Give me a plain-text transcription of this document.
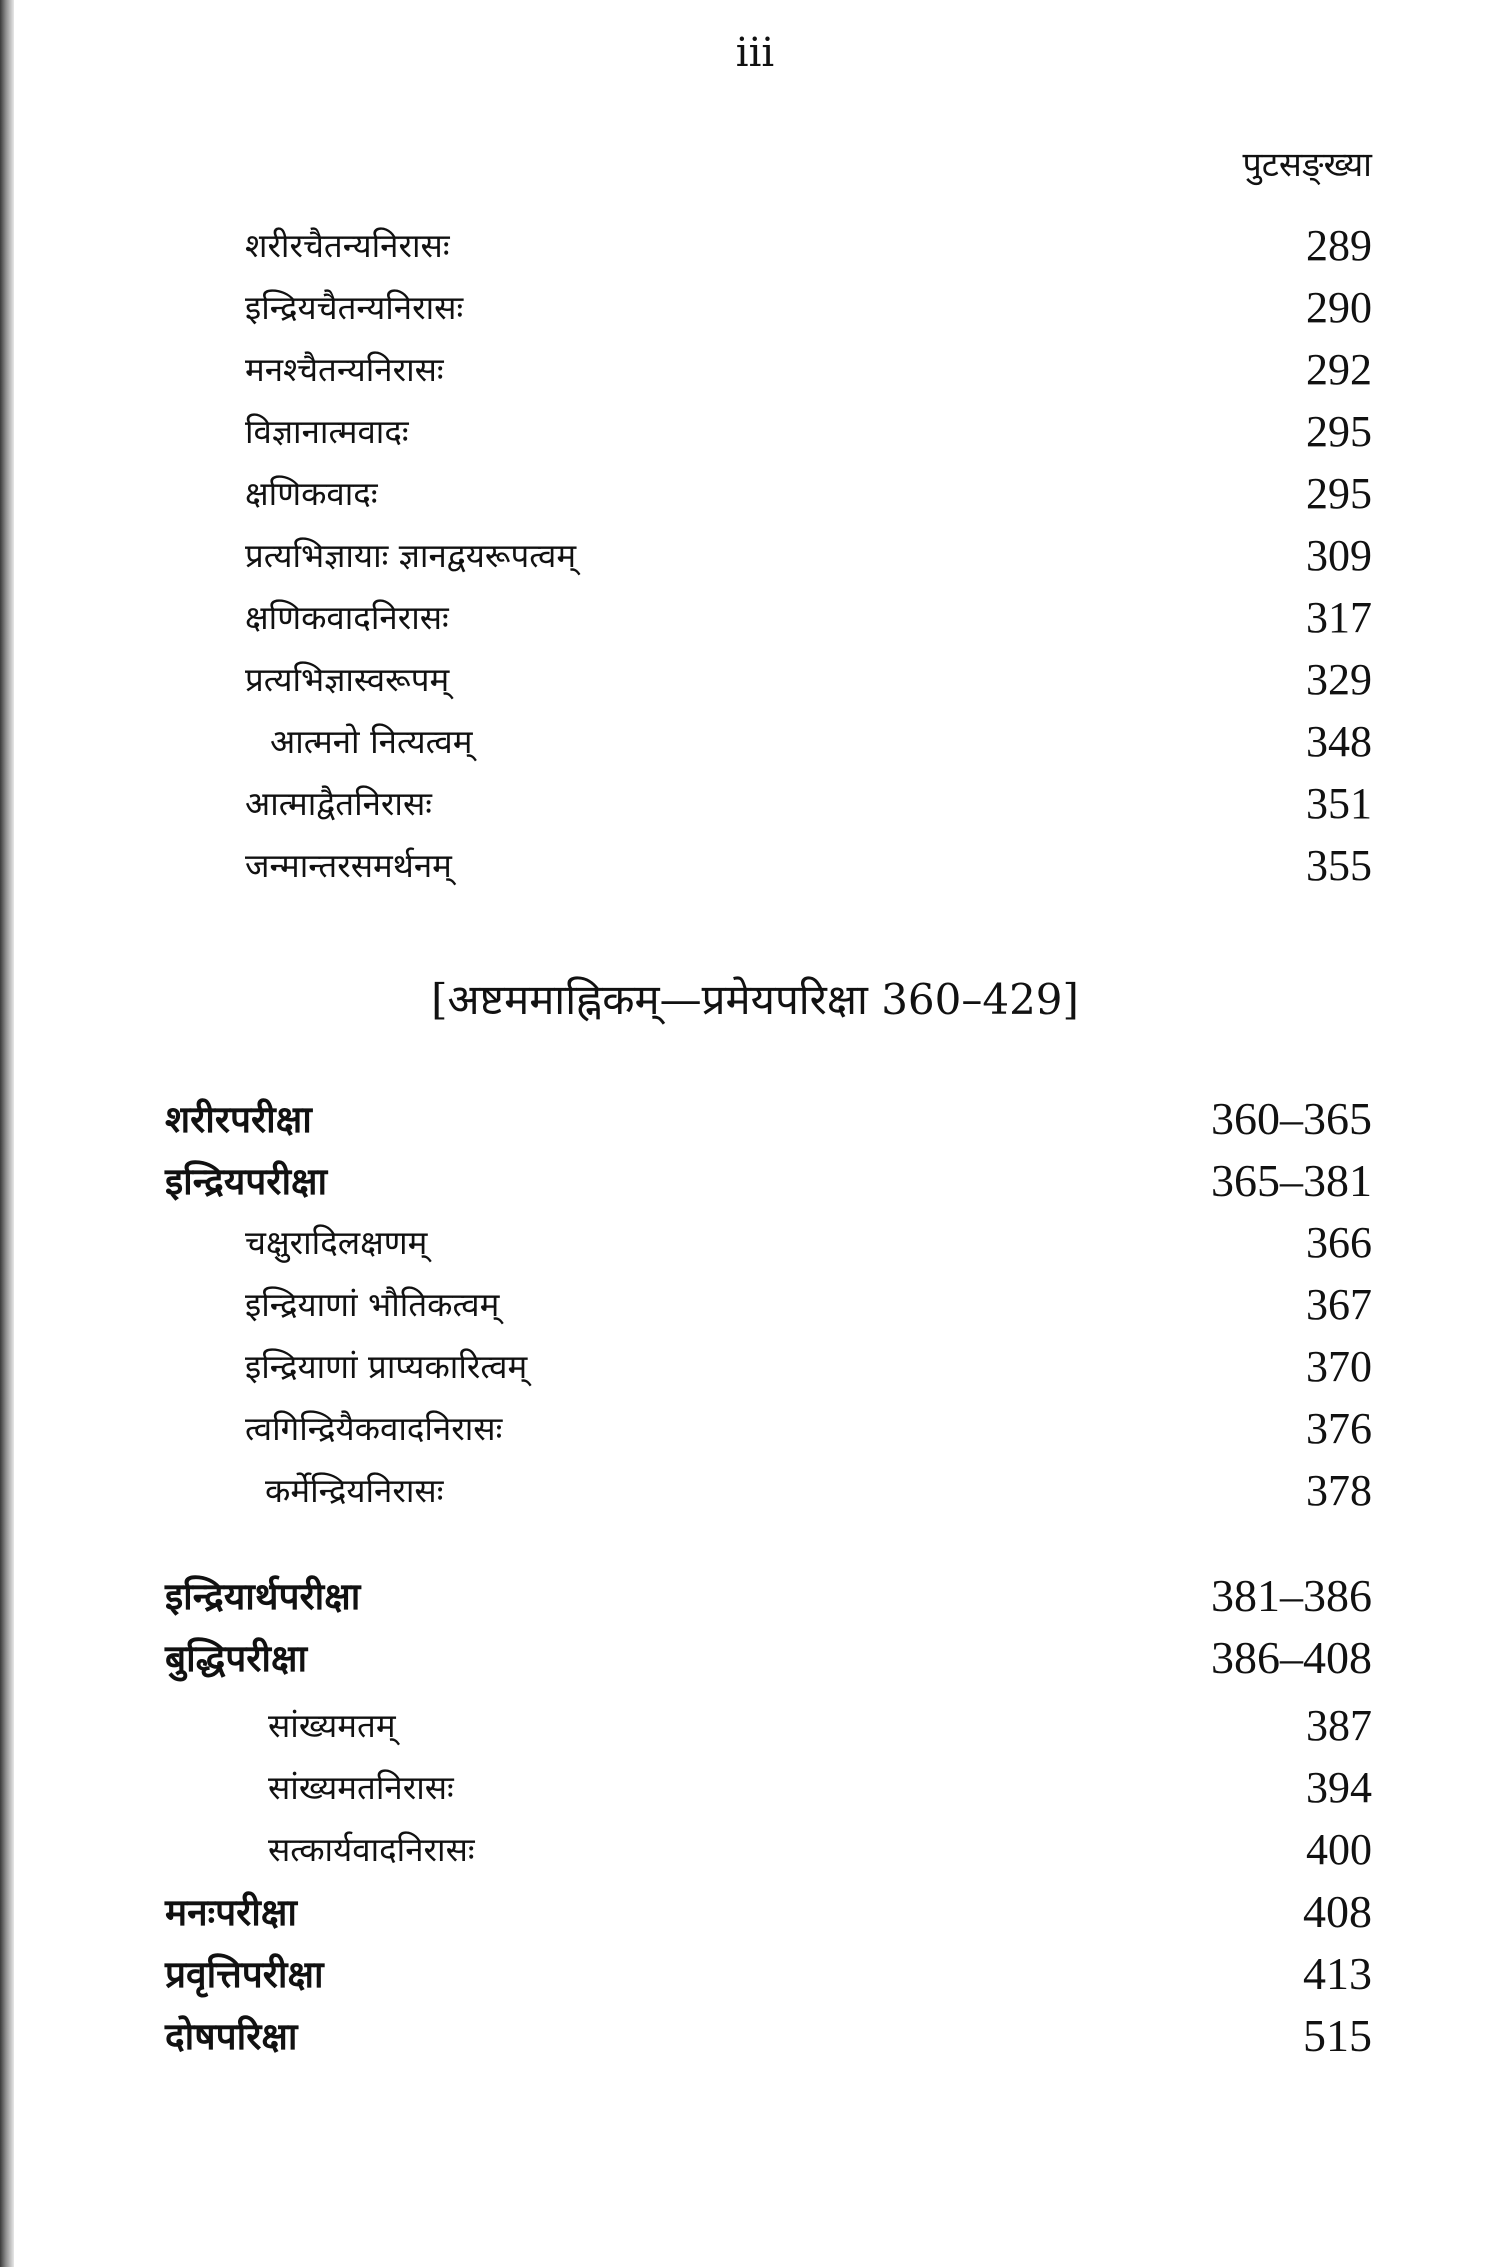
iii
पुटसङ्ख्या
शरीरचैतन्यनिरासः	289
इन्द्रियचैतन्यनिरासः	290
मनश्चैतन्यनिरासः	292
विज्ञानात्मवादः	295
क्षणिकवादः	295
प्रत्यभिज्ञायाः ज्ञानद्वयरूपत्वम्	309
क्षणिकवादनिरासः	317
प्रत्यभिज्ञास्वरूपम्	329
आत्मनो नित्यत्वम्	348
आत्माद्वैतनिरासः	351
जन्मान्तरसमर्थनम्	355
[अष्टममाह्निकम्—प्रमेयपरिक्षा 360–429]
शरीरपरीक्षा	360–365
इन्द्रियपरीक्षा	365–381
चक्षुरादिलक्षणम्	366
इन्द्रियाणां भौतिकत्वम्	367
इन्द्रियाणां प्राप्यकारित्वम्	370
त्वगिन्द्रियैकवादनिरासः	376
कर्मेन्द्रियनिरासः	378
इन्द्रियार्थपरीक्षा	381–386
बुद्धिपरीक्षा	386–408
सांख्यमतम्	387
सांख्यमतनिरासः	394
सत्कार्यवादनिरासः	400
मनःपरीक्षा	408
प्रवृत्तिपरीक्षा	413
दोषपरिक्षा	515
